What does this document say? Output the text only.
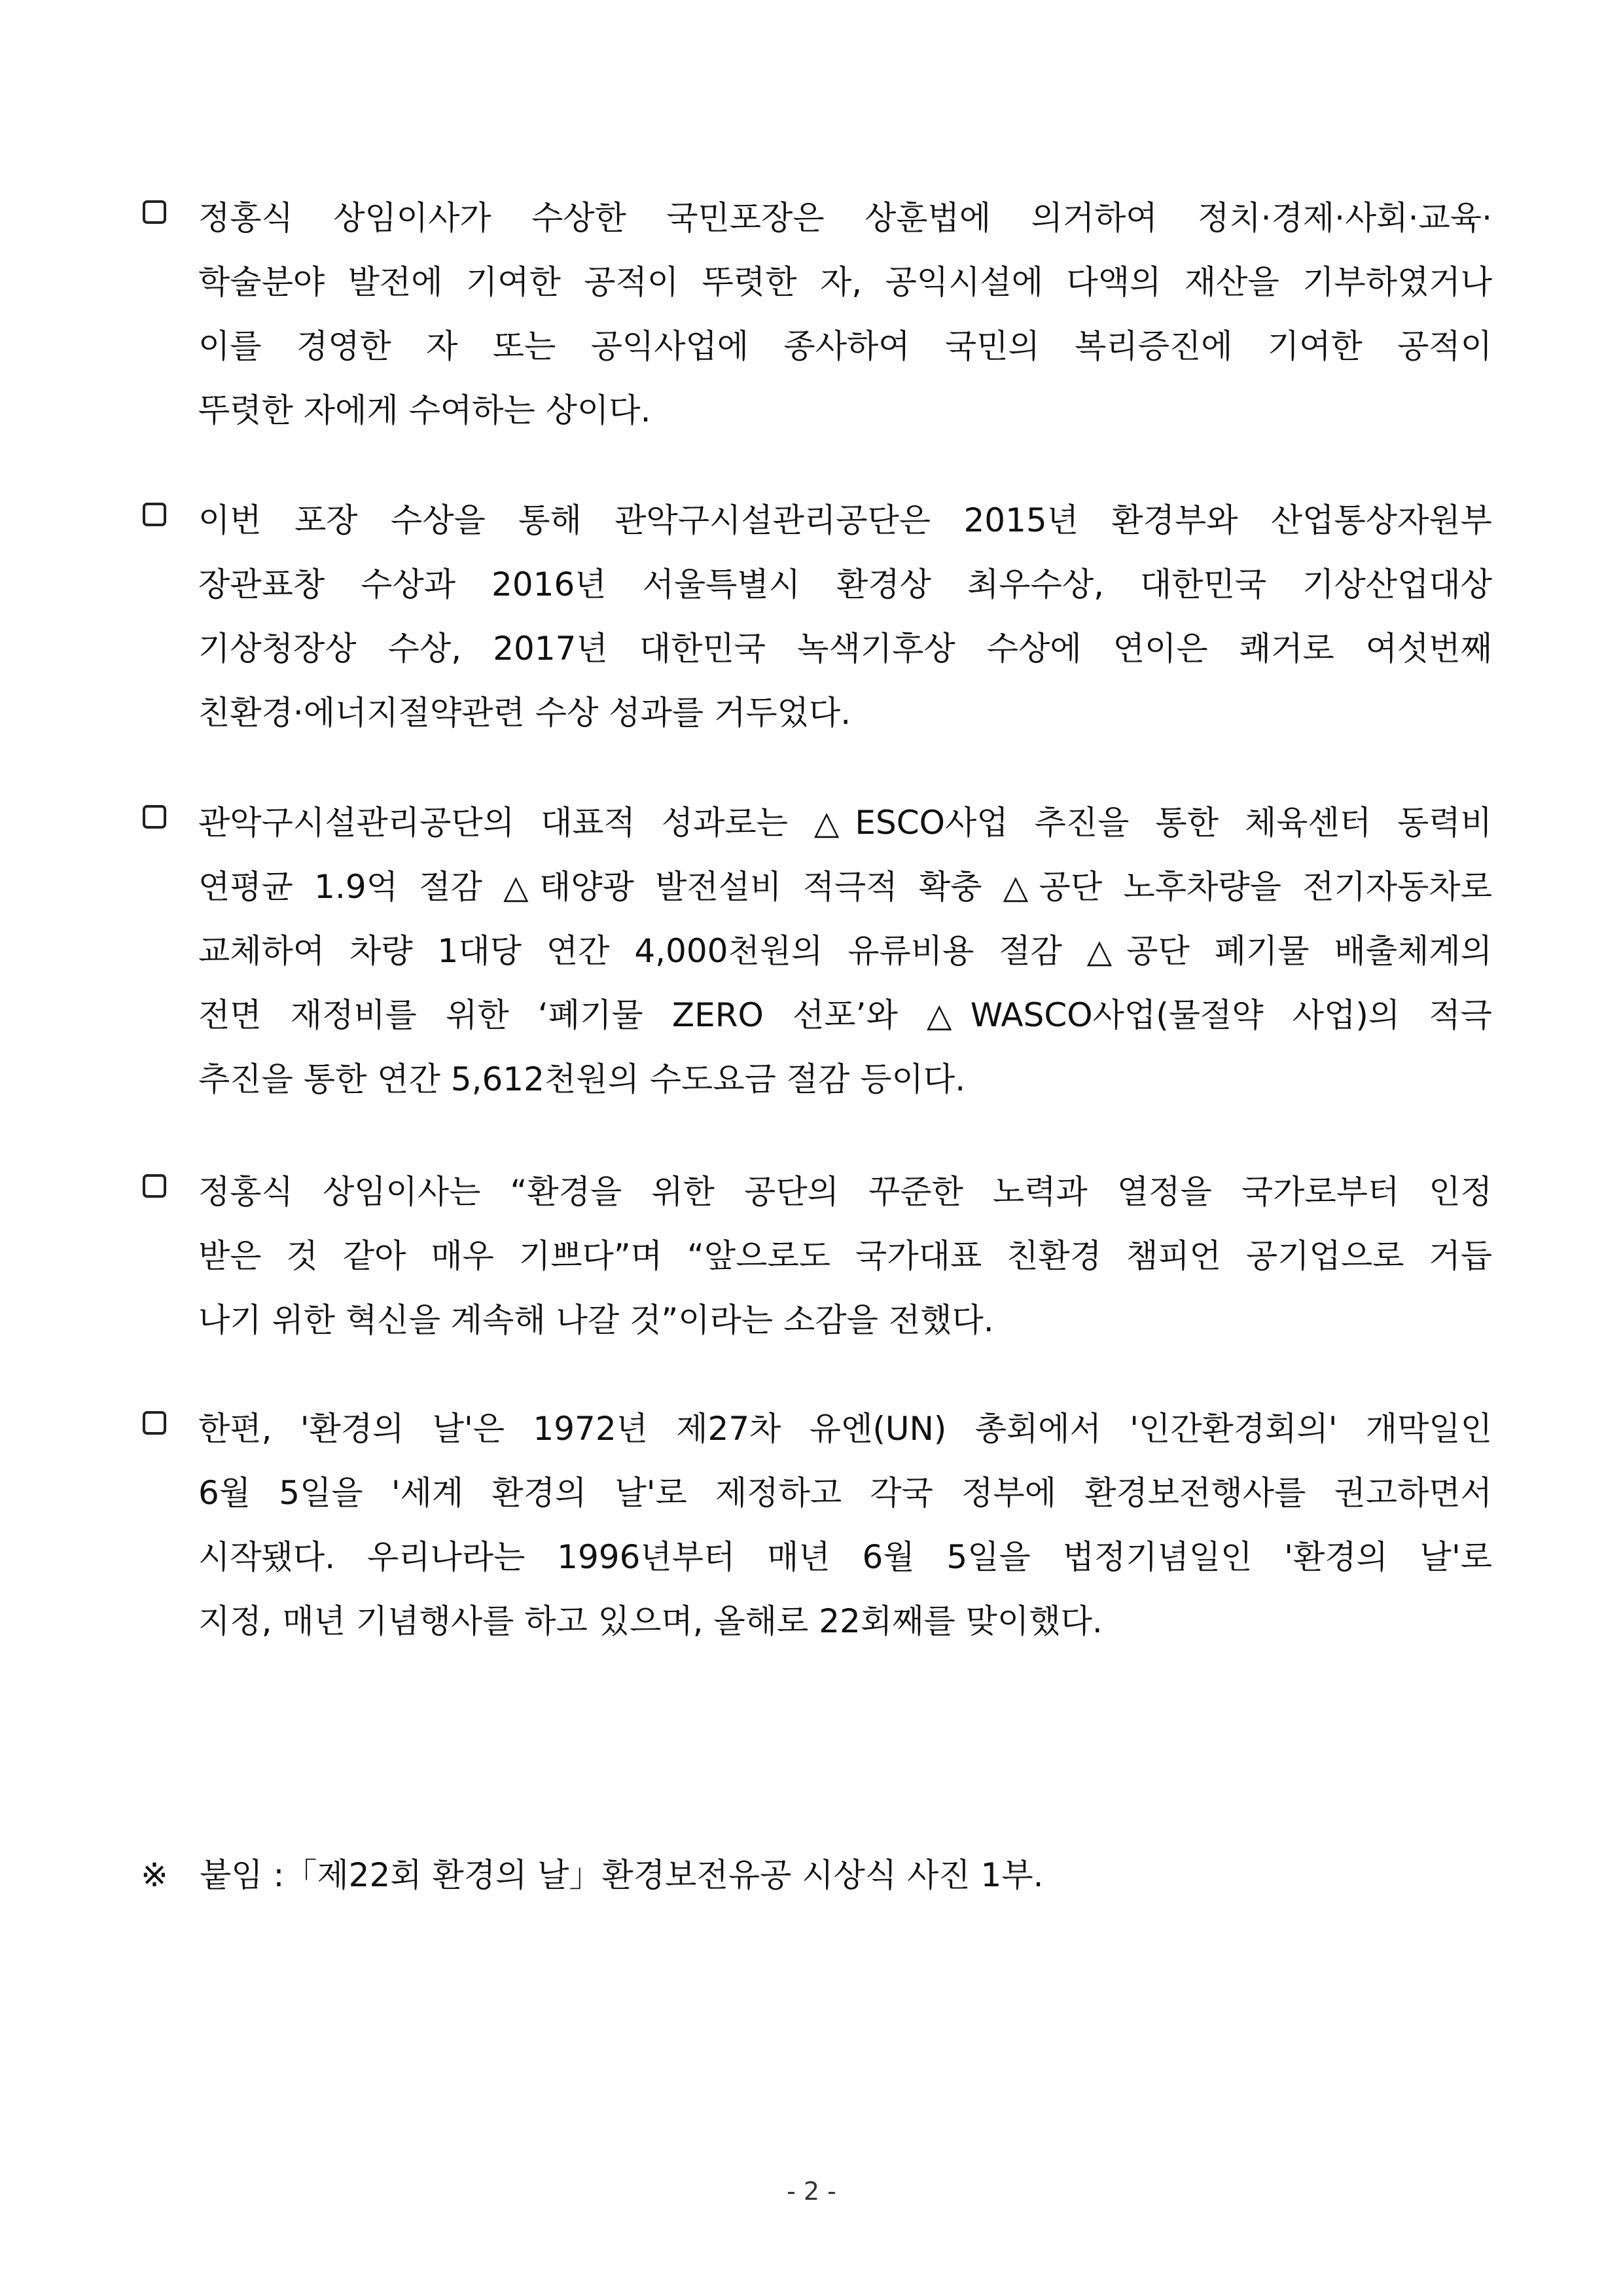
정홍식 상임이사가 수상한 국민포장은 상훈법에 의거하여 정치·경제·사회·교육·
학술분야 발전에 기여한 공적이 뚜렷한 자, 공익시설에 다액의 재산을 기부하였거나
이를 경영한 자 또는 공익사업에 종사하여 국민의 복리증진에 기여한 공적이
뚜렷한 자에게 수여하는 상이다.
이번 포장 수상을 통해 관악구시설관리공단은 2015년 환경부와 산업통상자원부
장관표창 수상과 2016년 서울특별시 환경상 최우수상, 대한민국 기상산업대상
기상청장상 수상, 2017년 대한민국 녹색기후상 수상에 연이은 쾌거로 여섯번째
친환경·에너지절약관련 수상 성과를 거두었다.
관악구시설관리공단의 대표적 성과로는 △ESCO사업 추진을 통한 체육센터 동력비
연평균 1.9억 절감 △태양광 발전설비 적극적 확충 △공단 노후차량을 전기자동차로
교체하여 차량 1대당 연간 4,000천원의 유류비용 절감 △공단 폐기물 배출체계의
전면 재정비를 위한 ‘폐기물 ZERO 선포’와 △WASCO사업(물절약 사업)의 적극
추진을 통한 연간 5,612천원의 수도요금 절감 등이다.
정홍식 상임이사는 “환경을 위한 공단의 꾸준한 노력과 열정을 국가로부터 인정
받은 것 같아 매우 기쁘다”며 “앞으로도 국가대표 친환경 챔피언 공기업으로 거듭
나기 위한 혁신을 계속해 나갈 것”이라는 소감을 전했다.
한편, '환경의 날'은 1972년 제27차 유엔(UN) 총회에서 '인간환경회의' 개막일인
6월 5일을 '세계 환경의 날'로 제정하고 각국 정부에 환경보전행사를 권고하면서
시작됐다. 우리나라는 1996년부터 매년 6월 5일을 법정기념일인 '환경의 날'로
지정, 매년 기념행사를 하고 있으며, 올해로 22회째를 맞이했다.
※ 붙임 :「제22회 환경의 날」환경보전유공 시상식 사진 1부.
- 2 -
